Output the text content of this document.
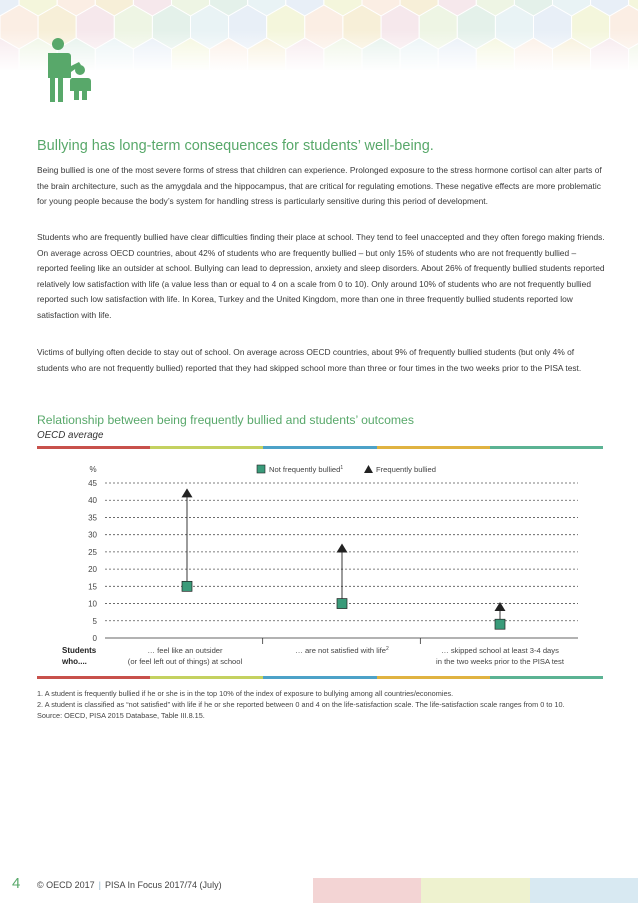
Bullying has long-term consequences for students’ well-being.

Being bullied is one of the most severe forms of stress that children can experience. Prolonged exposure to the stress hormone cortisol can alter parts of the brain architecture, such as the amygdala and the hippocampus, that are critical for regulating emotions. These negative effects are more problematic for young people because the body’s system for handling stress is particularly sensitive during this period of development.

Students who are frequently bullied have clear difficulties finding their place at school. They tend to feel unaccepted and they often forego making friends. On average across OECD countries, about 42% of students who are frequently bullied – but only 15% of students who are not frequently bullied – reported feeling like an outsider at school. Bullying can lead to depression, anxiety and sleep disorders. About 26% of frequently bullied students reported relatively low satisfaction with life (a value less than or equal to 4 on a scale from 0 to 10). Only around 10% of students who are not frequently bullied reported such low satisfaction with life. In Korea, Turkey and the United Kingdom, more than one in three frequently bullied students reported low satisfaction with life.

Victims of bullying often decide to stay out of school. On average across OECD countries, about 9% of frequently bullied students (but only 4% of students who are not frequently bullied) reported that they had skipped school more than three or four times in the two weeks prior to the PISA test.

Relationship between being frequently bullied and students’ outcomes
OECD average
%
0
5
10
15
20
25
30
35
40
45
Not frequently bullied$^1$	Frequently bullied
Students
who....
… feel like an outsider
(or feel left out of things) at school
… are not satisfied with life$^2$	… skipped school at least 3-4 days
in the two weeks prior to the PISA test

1. A student is frequently bullied if he or she is in the top 10% of the index of exposure to bullying among all countries/economies.

2. A student is classified as “not satisfied” with life if he or she reported between 0 and 4 on the life-satisfaction scale. The life-satisfaction scale ranges from 0 to 10.

Source: OECD, PISA 2015 Database, Table III.8.15.

4 © OECD 2017 | PISA In Focus 2017/74 (July)
